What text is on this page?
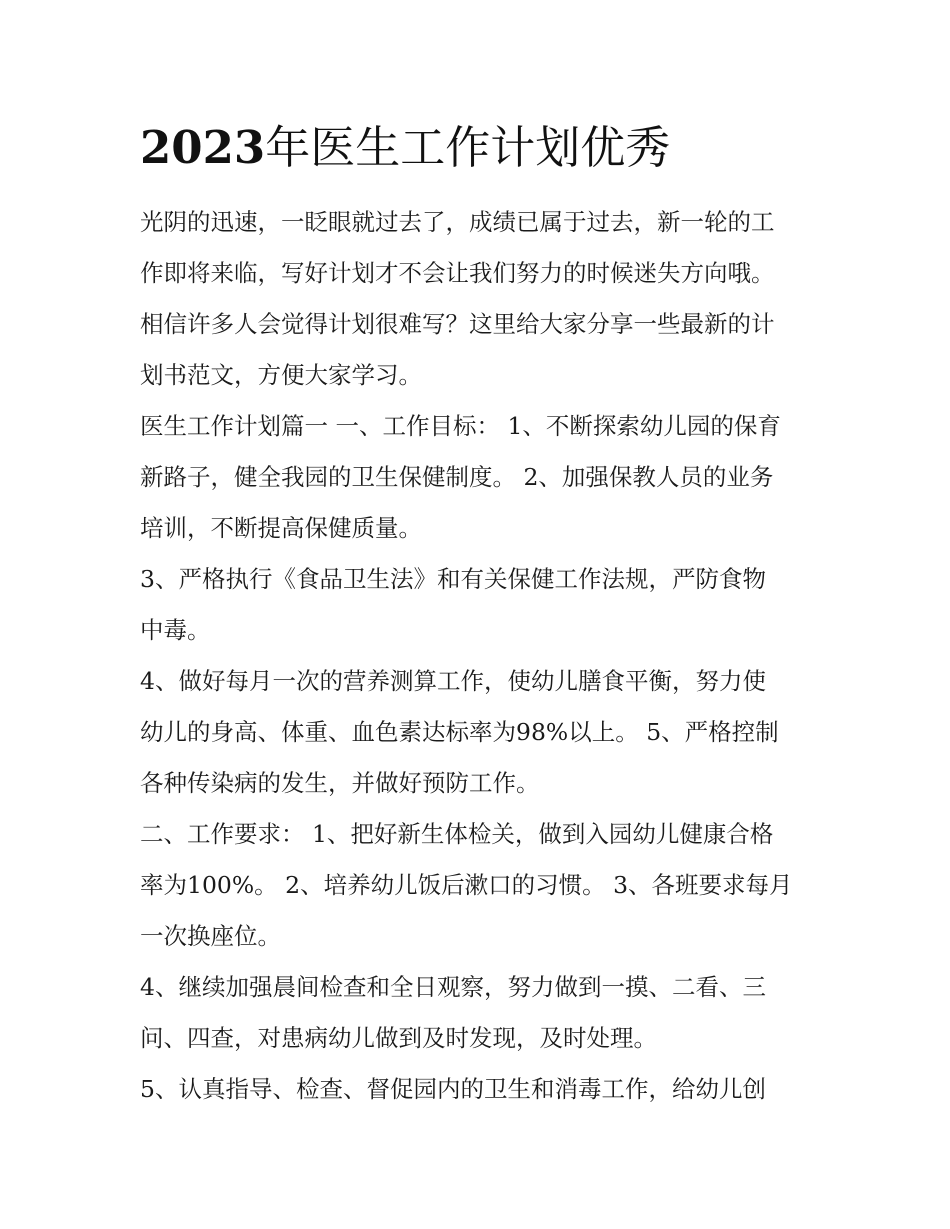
2023年医生工作计划优秀
光阴的迅速，一眨眼就过去了，成绩已属于过去，新一轮的工
作即将来临，写好计划才不会让我们努力的时候迷失方向哦。
相信许多人会觉得计划很难写？这里给大家分享一些最新的计
划书范文，方便大家学习。
医生工作计划篇一 一、工作目标： 1、不断探索幼儿园的保育
新路子，健全我园的卫生保健制度。 2、加强保教人员的业务
培训，不断提高保健质量。
3、严格执行《食品卫生法》和有关保健工作法规，严防食物
中毒。
4、做好每月一次的营养测算工作，使幼儿膳食平衡，努力使
幼儿的身高、体重、血色素达标率为98%以上。 5、严格控制
各种传染病的发生，并做好预防工作。
二、工作要求： 1、把好新生体检关，做到入园幼儿健康合格
率为100%。 2、培养幼儿饭后漱口的习惯。 3、各班要求每月
一次换座位。
4、继续加强晨间检查和全日观察，努力做到一摸、二看、三
问、四查，对患病幼儿做到及时发现，及时处理。
5、认真指导、检查、督促园内的卫生和消毒工作，给幼儿创
